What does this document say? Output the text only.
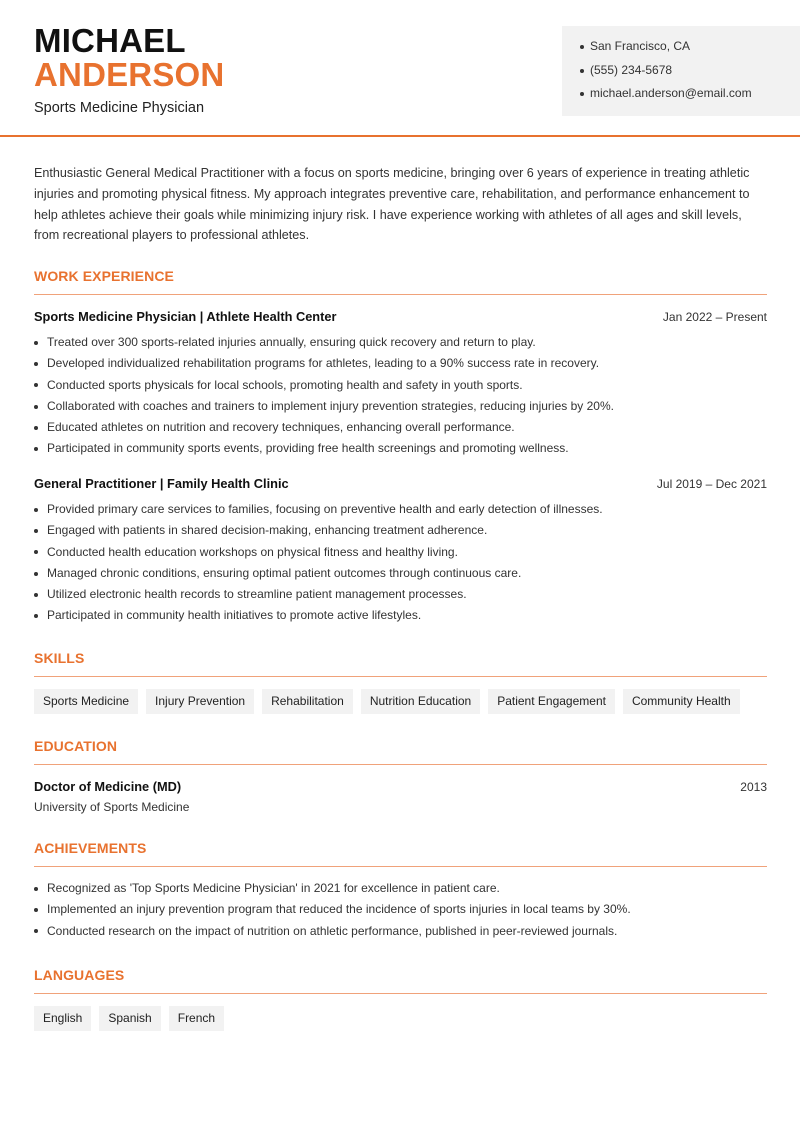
MICHAEL
ANDERSON
Sports Medicine Physician
San Francisco, CA
(555) 234-5678
michael.anderson@email.com

Enthusiastic General Medical Practitioner with a focus on sports medicine, bringing over 6 years of experience in treating athletic injuries and promoting physical fitness. My approach integrates preventive care, rehabilitation, and performance enhancement to help athletes achieve their goals while minimizing injury risk. I have experience working with athletes of all ages and skill levels, from recreational players to professional athletes.

WORK EXPERIENCE
Sports Medicine Physician | Athlete Health Center	Jan 2022 – Present
Treated over 300 sports-related injuries annually, ensuring quick recovery and return to play.
Developed individualized rehabilitation programs for athletes, leading to a 90% success rate in recovery.
Conducted sports physicals for local schools, promoting health and safety in youth sports.
Collaborated with coaches and trainers to implement injury prevention strategies, reducing injuries by 20%.
Educated athletes on nutrition and recovery techniques, enhancing overall performance.
Participated in community sports events, providing free health screenings and promoting wellness.
General Practitioner | Family Health Clinic	Jul 2019 – Dec 2021
Provided primary care services to families, focusing on preventive health and early detection of illnesses.
Engaged with patients in shared decision-making, enhancing treatment adherence.
Conducted health education workshops on physical fitness and healthy living.
Managed chronic conditions, ensuring optimal patient outcomes through continuous care.
Utilized electronic health records to streamline patient management processes.
Participated in community health initiatives to promote active lifestyles.
SKILLS
Sports Medicine	Injury Prevention	Rehabilitation	Nutrition Education	Patient Engagement	Community Health
EDUCATION
Doctor of Medicine (MD)	2013
University of Sports Medicine
ACHIEVEMENTS
Recognized as 'Top Sports Medicine Physician' in 2021 for excellence in patient care.
Implemented an injury prevention program that reduced the incidence of sports injuries in local teams by 30%.
Conducted research on the impact of nutrition on athletic performance, published in peer-reviewed journals.
LANGUAGES
English	Spanish	French
